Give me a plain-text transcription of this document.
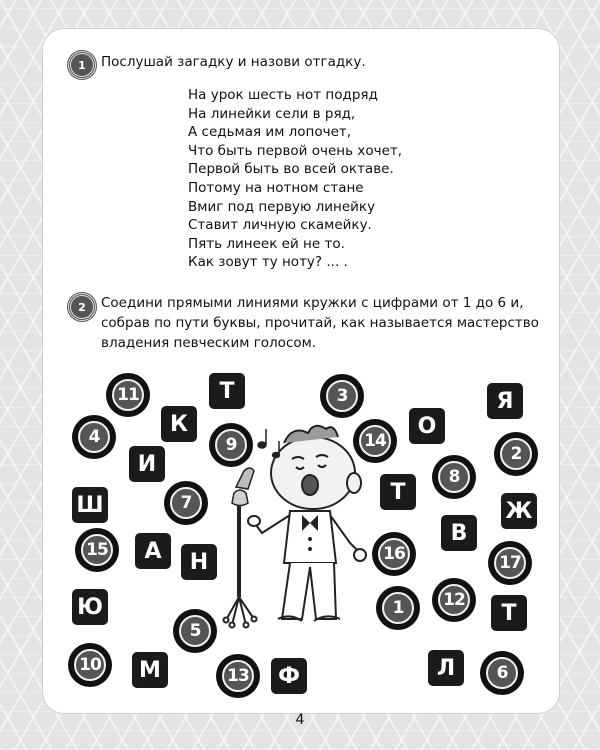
1 Послушай загадку и назови отгадку.
На урок шесть нот подряд
На линейки сели в ряд,
А седьмая им лопочет,
Что быть первой очень хочет,
Первой быть во всей октаве.
Потому на нотном стане
Вмиг под первую линейку
Ставит личную скамейку.
Пять линеек ей не то.
Как зовут ту ноту? ... .
2 Соедини прямыми линиями кружки с цифрами от 1 до 6 и,
собрав по пути буквы, прочитай, как называется мастерство
владения певческим голосом.
11
4	9
7
15
5
10
13
3
14
8
16
1	12
2
17
6
Т
К
И
Ш
А	Н
Ю
М	Ф
О
Т
В
Т
Л
Я
Ж
4
